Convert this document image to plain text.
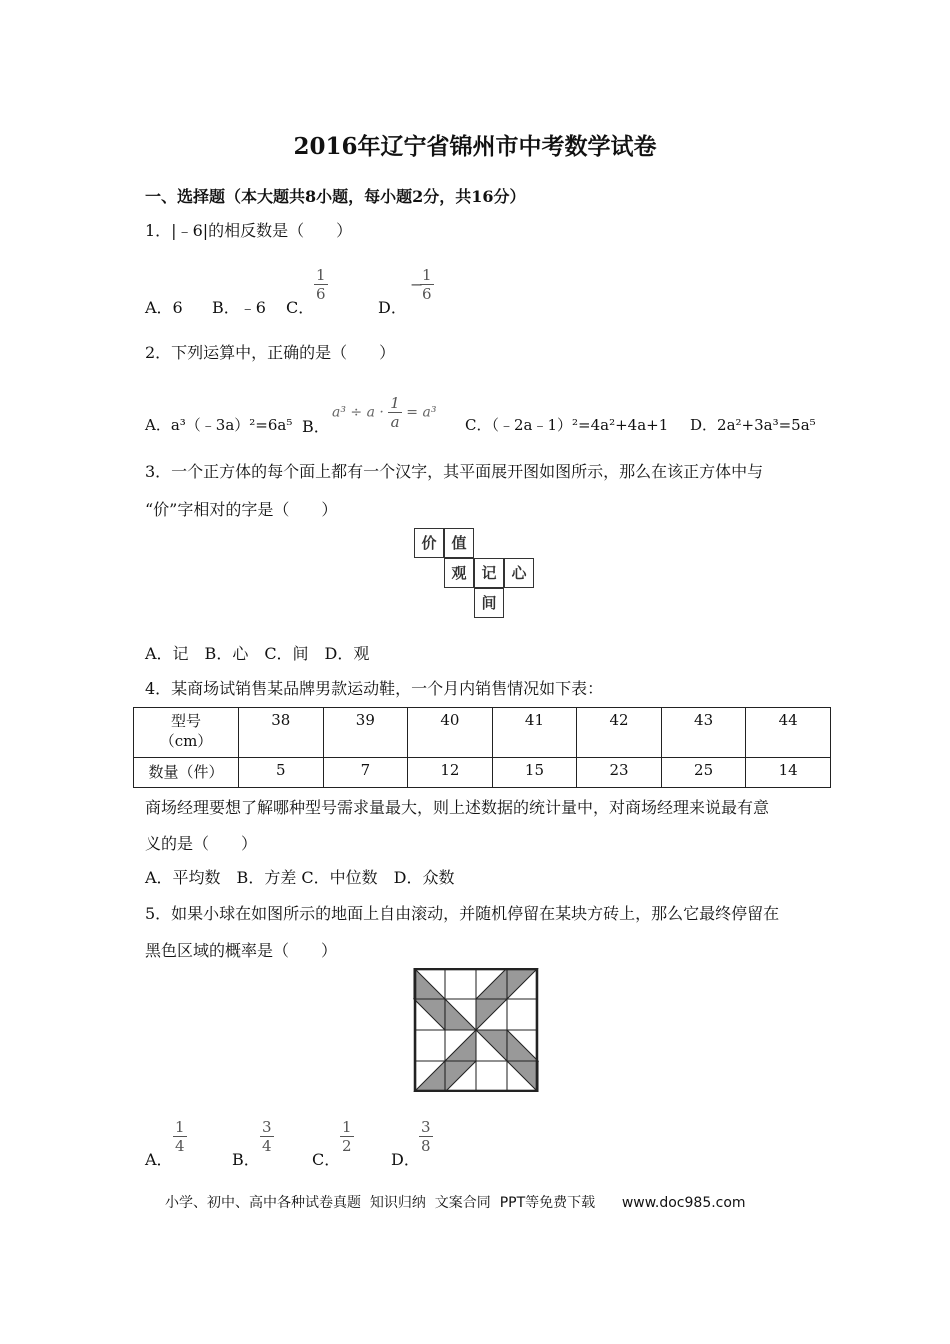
2016年辽宁省锦州市中考数学试卷
一、选择题（本大题共8小题，每小题2分，共16分）
1．|﹣6|的相反数是（　　）
A．6 B．﹣6 C．
$\frac{1}{6}$
D．
−
$\frac{1}{6}$
2．下列运算中，正确的是（　　）
A．a³（﹣3a）²=6a⁵ B．
$a^3 \div a \cdot \frac{1}{a} = a^3$
C．（﹣2a﹣1）²=4a²+4a+1 D．2a²+3a³=5a⁵
3．一个正方体的每个面上都有一个汉字，其平面展开图如图所示，那么在该正方体中与
“价”字相对的字是（　　）
价 值
观 记 心
间
A．记　B．心　C．间　D．观
4．某商场试销售某品牌男款运动鞋，一个月内销售情况如下表：
型号
（cm）	38	39	40	41	42	43	44
数量（件）	5	7	12	15	23	25	14
商场经理要想了解哪种型号需求量最大，则上述数据的统计量中，对商场经理来说最有意
义的是（　　）
A．平均数　B．方差 C．中位数　D．众数
5．如果小球在如图所示的地面上自由滚动，并随机停留在某块方砖上，那么它最终停留在
黑色区域的概率是（　　）
A．
$\frac{1}{4}$
B．
$\frac{3}{4}$
C．
$\frac{1}{2}$
D．
$\frac{3}{8}$
小学、初中、高中各种试卷真题  知识归纳  文案合同  PPT等免费下载      www.doc985.com
